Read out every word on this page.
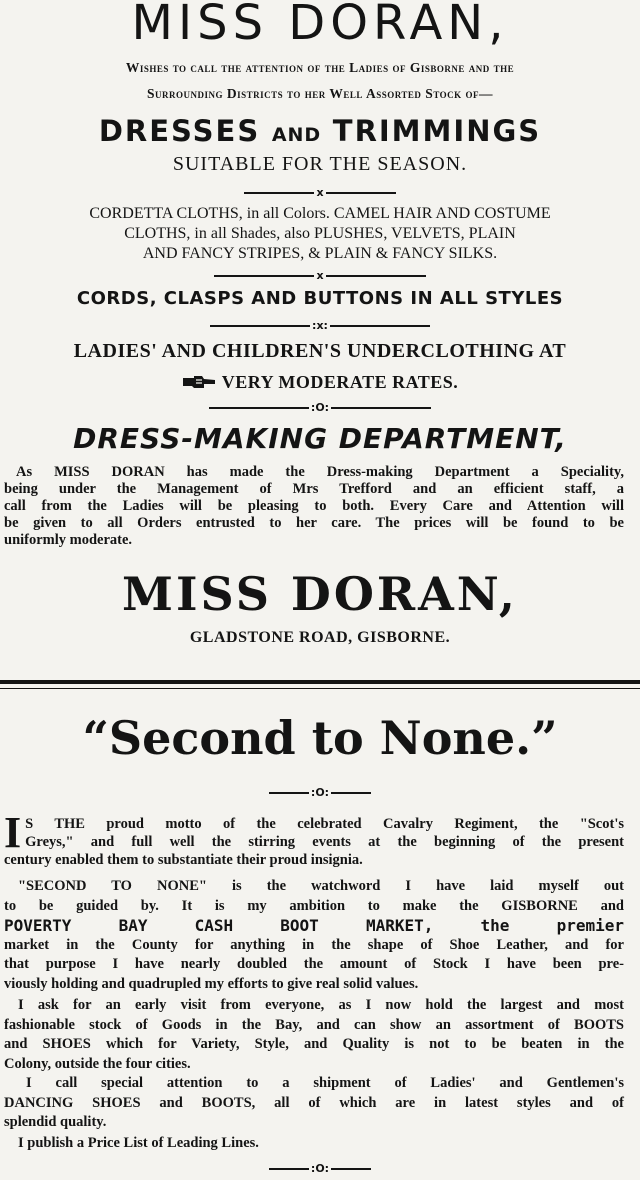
MISS DORAN,
Wishes to call the attention of the Ladies of Gisborne and the
Surrounding Districts to her Well Assorted Stock of—
DRESSES AND TRIMMINGS
SUITABLE FOR THE SEASON.
x
CORDETTA CLOTHS, in all Colors. CAMEL HAIR AND COSTUME
CLOTHS, in all Shades, also PLUSHES, VELVETS, PLAIN
AND FANCY STRIPES, & PLAIN & FANCY SILKS.
x
CORDS, CLASPS AND BUTTONS IN ALL STYLES
:x:
LADIES' AND CHILDREN'S UNDERCLOTHING AT
VERY MODERATE RATES.
:O:
DRESS-MAKING DEPARTMENT,
As MISS DORAN has made the Dress-making Department a Speciality,
being under the Management of Mrs Trefford and an efficient staff, a
call from the Ladies will be pleasing to both. Every Care and Attention will
be given to all Orders entrusted to her care. The prices will be found to be
uniformly moderate.
MISS DORAN,
GLADSTONE ROAD, GISBORNE.
“Second to None.”
:O:
I S THE proud motto of the celebrated Cavalry Regiment, the "Scot's
Greys," and full well the stirring events at the beginning of the present
century enabled them to substantiate their proud insignia.
"SECOND TO NONE" is the watchword I have laid myself out
to be guided by. It is my ambition to make the GISBORNE and
POVERTY BAY CASH BOOT MARKET, the premier
market in the County for anything in the shape of Shoe Leather, and for
that purpose I have nearly doubled the amount of Stock I have been pre-
viously holding and quadrupled my efforts to give real solid values.
I ask for an early visit from everyone, as I now hold the largest and most
fashionable stock of Goods in the Bay, and can show an assortment of BOOTS
and SHOES which for Variety, Style, and Quality is not to be beaten in the
Colony, outside the four cities.
I call special attention to a shipment of Ladies' and Gentlemen's
DANCING SHOES and BOOTS, all of which are in latest styles and of
splendid quality.
I publish a Price List of Leading Lines.
:O:
